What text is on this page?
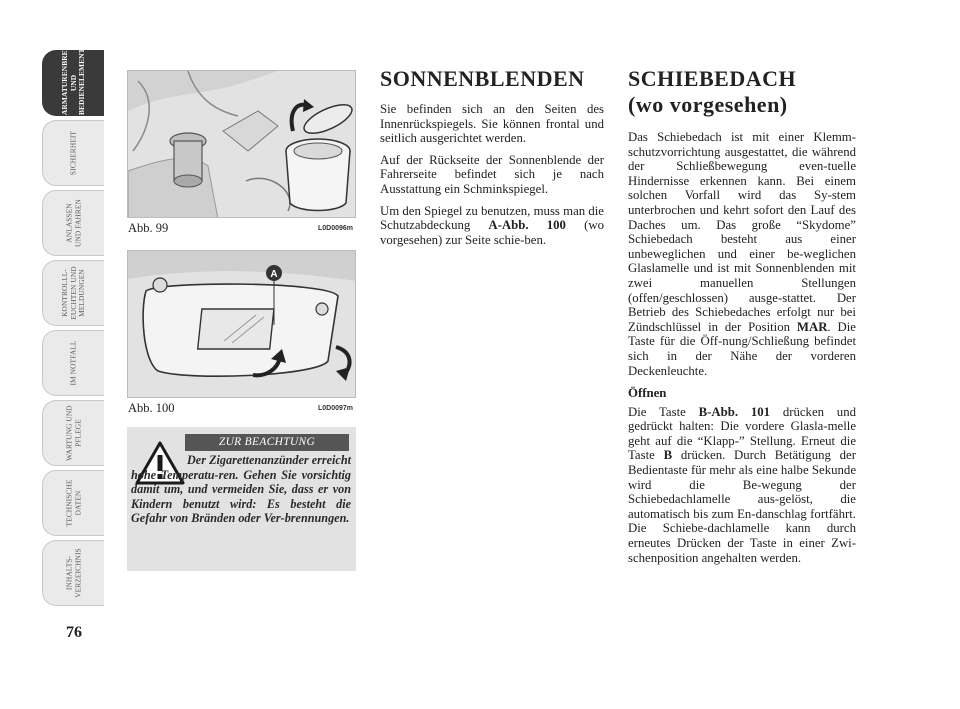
ARMATURENBRETT
UND
BEDIENELEMENTE
SICHERHEIT
ANLASSEN
UND FAHREN
KONTROLLL-
EUCHTEN UND
MELDUNGEN
IM NOTFALL
WARTUNG UND
PFLEGE
TECHNISCHE
DATEN
INHALTS-
VERZEICHNIS
76
Abb. 99	L0D0096m
A
Abb. 100	L0D0097m
ZUR BEACHTUNG
Der Zigarettenanzünder erreicht hohe Temperatu-ren. Gehen Sie vorsichtig damit um, und vermeiden Sie, dass er von Kindern benutzt wird: Es besteht die Gefahr von Bränden oder Ver-brennungen.
SONNENBLENDEN

Sie befinden sich an den Seiten des Innenrückspiegels. Sie können frontal und seitlich ausgerichtet werden.

Auf der Rückseite der Sonnenblende der Fahrerseite befindet sich je nach Ausstattung ein Schminkspiegel.

Um den Spiegel zu benutzen, muss man die Schutzabdeckung A-Abb. 100 (wo vorgesehen) zur Seite schie-ben.

SCHIEBEDACH
(wo vorgesehen)

Das Schiebedach ist mit einer Klemm-schutzvorrichtung ausgestattet, die während der Schließbewegung even-tuelle Hindernisse erkennen kann. Bei einem solchen Vorfall wird das Sy-stem unterbrochen und kehrt sofort den Lauf des Daches um. Das große “Skydome” Schiebedach besteht aus einer unbeweglichen und einer be-weglichen Glaslamelle und ist mit Sonnenblenden mit zwei manuellen Stellungen (offen/geschlossen) ausge-stattet. Der Betrieb des Schiebedaches erfolgt nur bei Zündschlüssel in der Position MAR. Die Taste für die Öff-nung/Schließung befindet sich in der Nähe der vorderen Deckenleuchte.

Öffnen

Die Taste B-Abb. 101 drücken und gedrückt halten: Die vordere Glasla-melle geht auf die “Klapp-” Stellung. Erneut die Taste B drücken. Durch Betätigung der Bedientaste für mehr als eine halbe Sekunde wird die Be-wegung der Schiebedachlamelle aus-gelöst, die automatisch bis zum En-danschlag fortfährt. Die Schiebe-dachlamelle kann durch erneutes Drücken der Taste in einer Zwi-schenposition angehalten werden.
